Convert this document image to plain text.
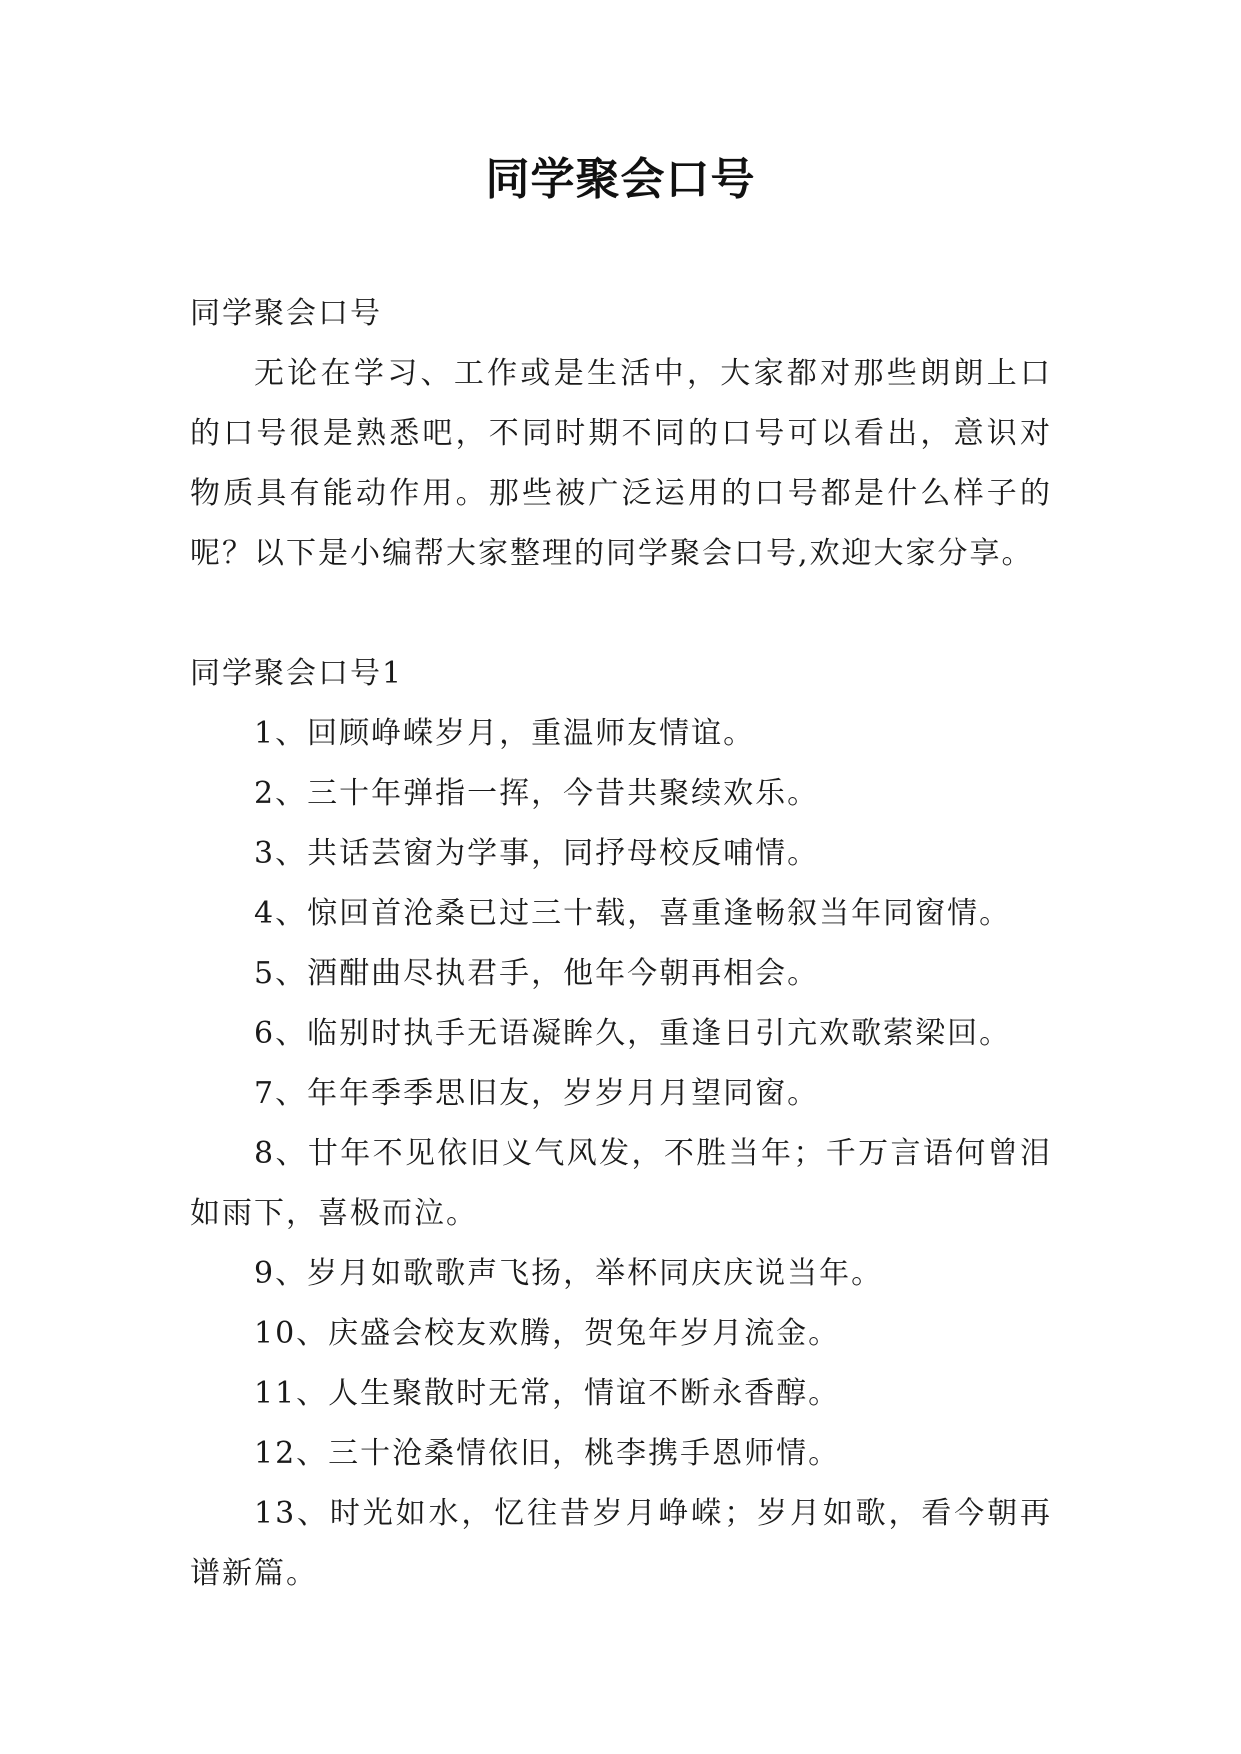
同学聚会口号

同学聚会口号

无论在学习、工作或是生活中，大家都对那些朗朗上口的口号很是熟悉吧，不同时期不同的口号可以看出，意识对物质具有能动作用。那些被广泛运用的口号都是什么样子的呢？以下是小编帮大家整理的同学聚会口号,欢迎大家分享。

同学聚会口号1

1、回顾峥嵘岁月，重温师友情谊。
2、三十年弹指一挥，今昔共聚续欢乐。
3、共话芸窗为学事，同抒母校反哺情。
4、惊回首沧桑已过三十载，喜重逢畅叙当年同窗情。
5、酒酣曲尽执君手，他年今朝再相会。
6、临别时执手无语凝眸久，重逢日引亢欢歌萦梁回。
7、年年季季思旧友，岁岁月月望同窗。
8、廿年不见依旧义气风发，不胜当年；千万言语何曾泪如雨下，喜极而泣。
9、岁月如歌歌声飞扬，举杯同庆庆说当年。
10、庆盛会校友欢腾，贺兔年岁月流金。
11、人生聚散时无常，情谊不断永香醇。
12、三十沧桑情依旧，桃李携手恩师情。
13、时光如水，忆往昔岁月峥嵘；岁月如歌，看今朝再谱新篇。
